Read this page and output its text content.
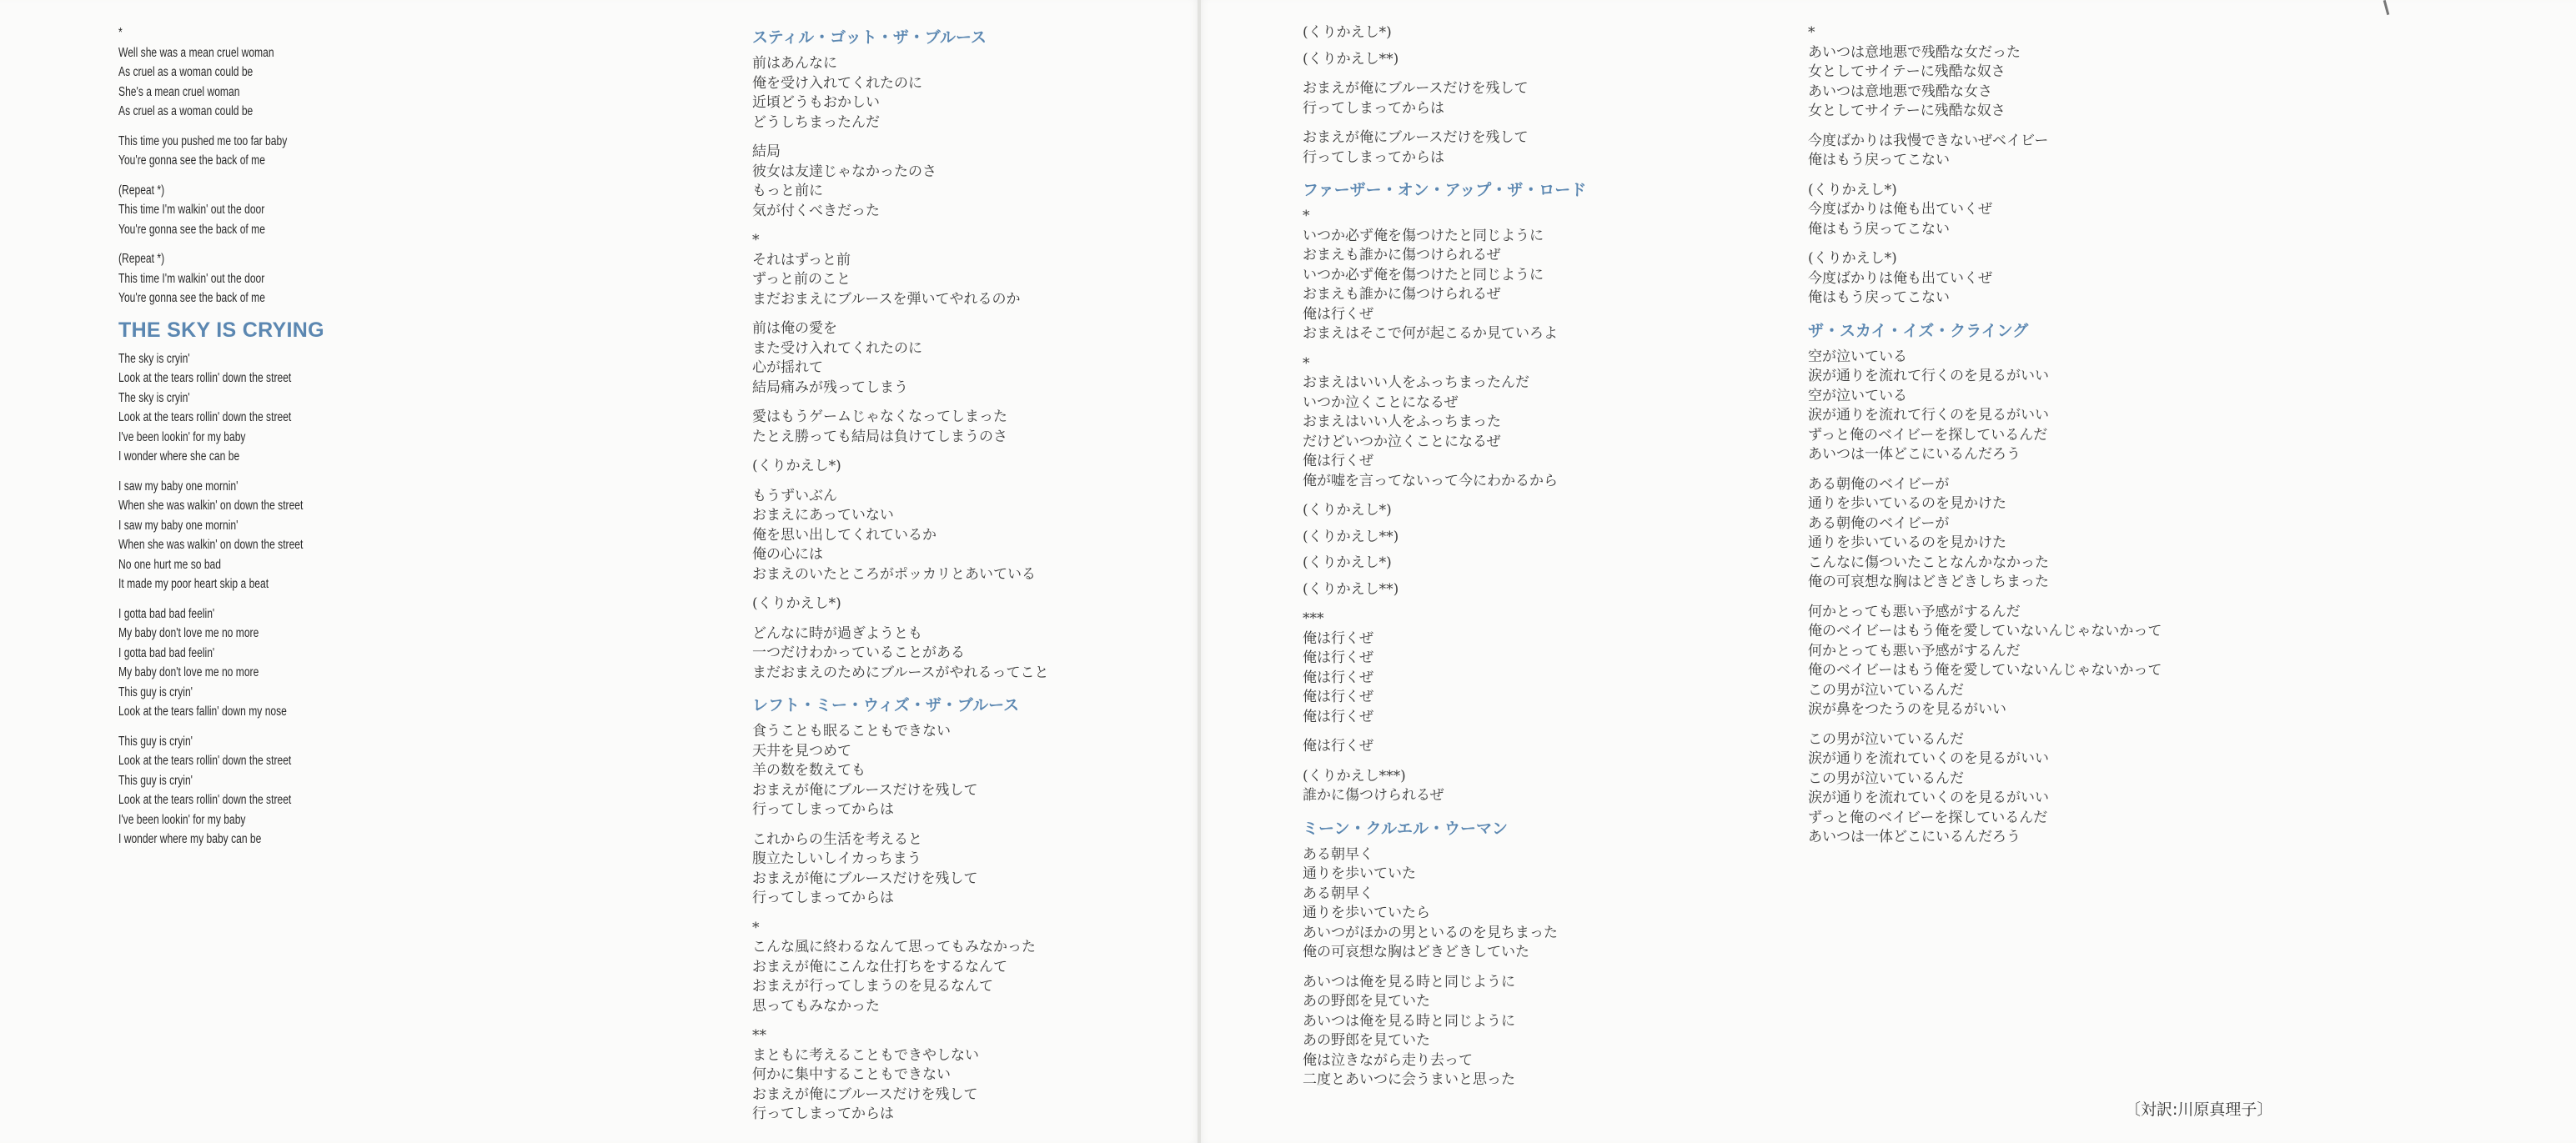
*
Well she was a mean cruel woman
As cruel as a woman could be
She's a mean cruel woman
As cruel as a woman could be
This time you pushed me too far baby
You're gonna see the back of me
(Repeat *)
This time I'm walkin' out the door
You're gonna see the back of me
(Repeat *)
This time I'm walkin' out the door
You're gonna see the back of me
THE SKY IS CRYING
The sky is cryin'
Look at the tears rollin' down the street
The sky is cryin'
Look at the tears rollin' down the street
I've been lookin' for my baby
I wonder where she can be
I saw my baby one mornin'
When she was walkin' on down the street
I saw my baby one mornin'
When she was walkin' on down the street
No one hurt me so bad
It made my poor heart skip a beat
I gotta bad bad feelin'
My baby don't love me no more
I gotta bad bad feelin'
My baby don't love me no more
This guy is cryin'
Look at the tears fallin' down my nose
This guy is cryin'
Look at the tears rollin' down the street
This guy is cryin'
Look at the tears rollin' down the street
I've been lookin' for my baby
I wonder where my baby can be
スティル・ゴット・ザ・ブルース
前はあんなに
俺を受け入れてくれたのに
近頃どうもおかしい
どうしちまったんだ
結局
彼女は友達じゃなかったのさ
もっと前に
気が付くべきだった
*
それはずっと前
ずっと前のこと
まだおまえにブルースを弾いてやれるのか
前は俺の愛を
また受け入れてくれたのに
心が揺れて
結局痛みが残ってしまう
愛はもうゲームじゃなくなってしまった
たとえ勝っても結局は負けてしまうのさ
(くりかえし*)
もうずいぶん
おまえにあっていない
俺を思い出してくれているか
俺の心には
おまえのいたところがポッカリとあいている
(くりかえし*)
どんなに時が過ぎようとも
一つだけわかっていることがある
まだおまえのためにブルースがやれるってこと
レフト・ミー・ウィズ・ザ・ブルース
食うことも眠ることもできない
天井を見つめて
羊の数を数えても
おまえが俺にブルースだけを残して
行ってしまってからは
これからの生活を考えると
腹立たしいしイカっちまう
おまえが俺にブルースだけを残して
行ってしまってからは
*
こんな風に終わるなんて思ってもみなかった
おまえが俺にこんな仕打ちをするなんて
おまえが行ってしまうのを見るなんて
思ってもみなかった
**
まともに考えることもできやしない
何かに集中することもできない
おまえが俺にブルースだけを残して
行ってしまってからは
(くりかえし*)
(くりかえし**)
おまえが俺にブルースだけを残して
行ってしまってからは
おまえが俺にブルースだけを残して
行ってしまってからは
ファーザー・オン・アップ・ザ・ロード
*
いつか必ず俺を傷つけたと同じように
おまえも誰かに傷つけられるぜ
いつか必ず俺を傷つけたと同じように
おまえも誰かに傷つけられるぜ
俺は行くぜ
おまえはそこで何が起こるか見ていろよ
*
おまえはいい人をふっちまったんだ
いつか泣くことになるぜ
おまえはいい人をふっちまった
だけどいつか泣くことになるぜ
俺は行くぜ
俺が嘘を言ってないって今にわかるから
(くりかえし*)
(くりかえし**)
(くりかえし*)
(くりかえし**)
***
俺は行くぜ
俺は行くぜ
俺は行くぜ
俺は行くぜ
俺は行くぜ
俺は行くぜ
(くりかえし***)
誰かに傷つけられるぜ
ミーン・クルエル・ウーマン
ある朝早く
通りを歩いていた
ある朝早く
通りを歩いていたら
あいつがほかの男といるのを見ちまった
俺の可哀想な胸はどきどきしていた
あいつは俺を見る時と同じように
あの野郎を見ていた
あいつは俺を見る時と同じように
あの野郎を見ていた
俺は泣きながら走り去って
二度とあいつに会うまいと思った
*
あいつは意地悪で残酷な女だった
女としてサイテーに残酷な奴さ
あいつは意地悪で残酷な女さ
女としてサイテーに残酷な奴さ
今度ばかりは我慢できないぜベイビー
俺はもう戻ってこない
(くりかえし*)
今度ばかりは俺も出ていくぜ
俺はもう戻ってこない
(くりかえし*)
今度ばかりは俺も出ていくぜ
俺はもう戻ってこない
ザ・スカイ・イズ・クライング
空が泣いている
涙が通りを流れて行くのを見るがいい
空が泣いている
涙が通りを流れて行くのを見るがいい
ずっと俺のベイビーを探しているんだ
あいつは一体どこにいるんだろう
ある朝俺のベイビーが
通りを歩いているのを見かけた
ある朝俺のベイビーが
通りを歩いているのを見かけた
こんなに傷ついたことなんかなかった
俺の可哀想な胸はどきどきしちまった
何かとっても悪い予感がするんだ
俺のベイビーはもう俺を愛していないんじゃないかって
何かとっても悪い予感がするんだ
俺のベイビーはもう俺を愛していないんじゃないかって
この男が泣いているんだ
涙が鼻をつたうのを見るがいい
この男が泣いているんだ
涙が通りを流れていくのを見るがいい
この男が泣いているんだ
涙が通りを流れていくのを見るがいい
ずっと俺のベイビーを探しているんだ
あいつは一体どこにいるんだろう
〔対訳:川原真理子〕
